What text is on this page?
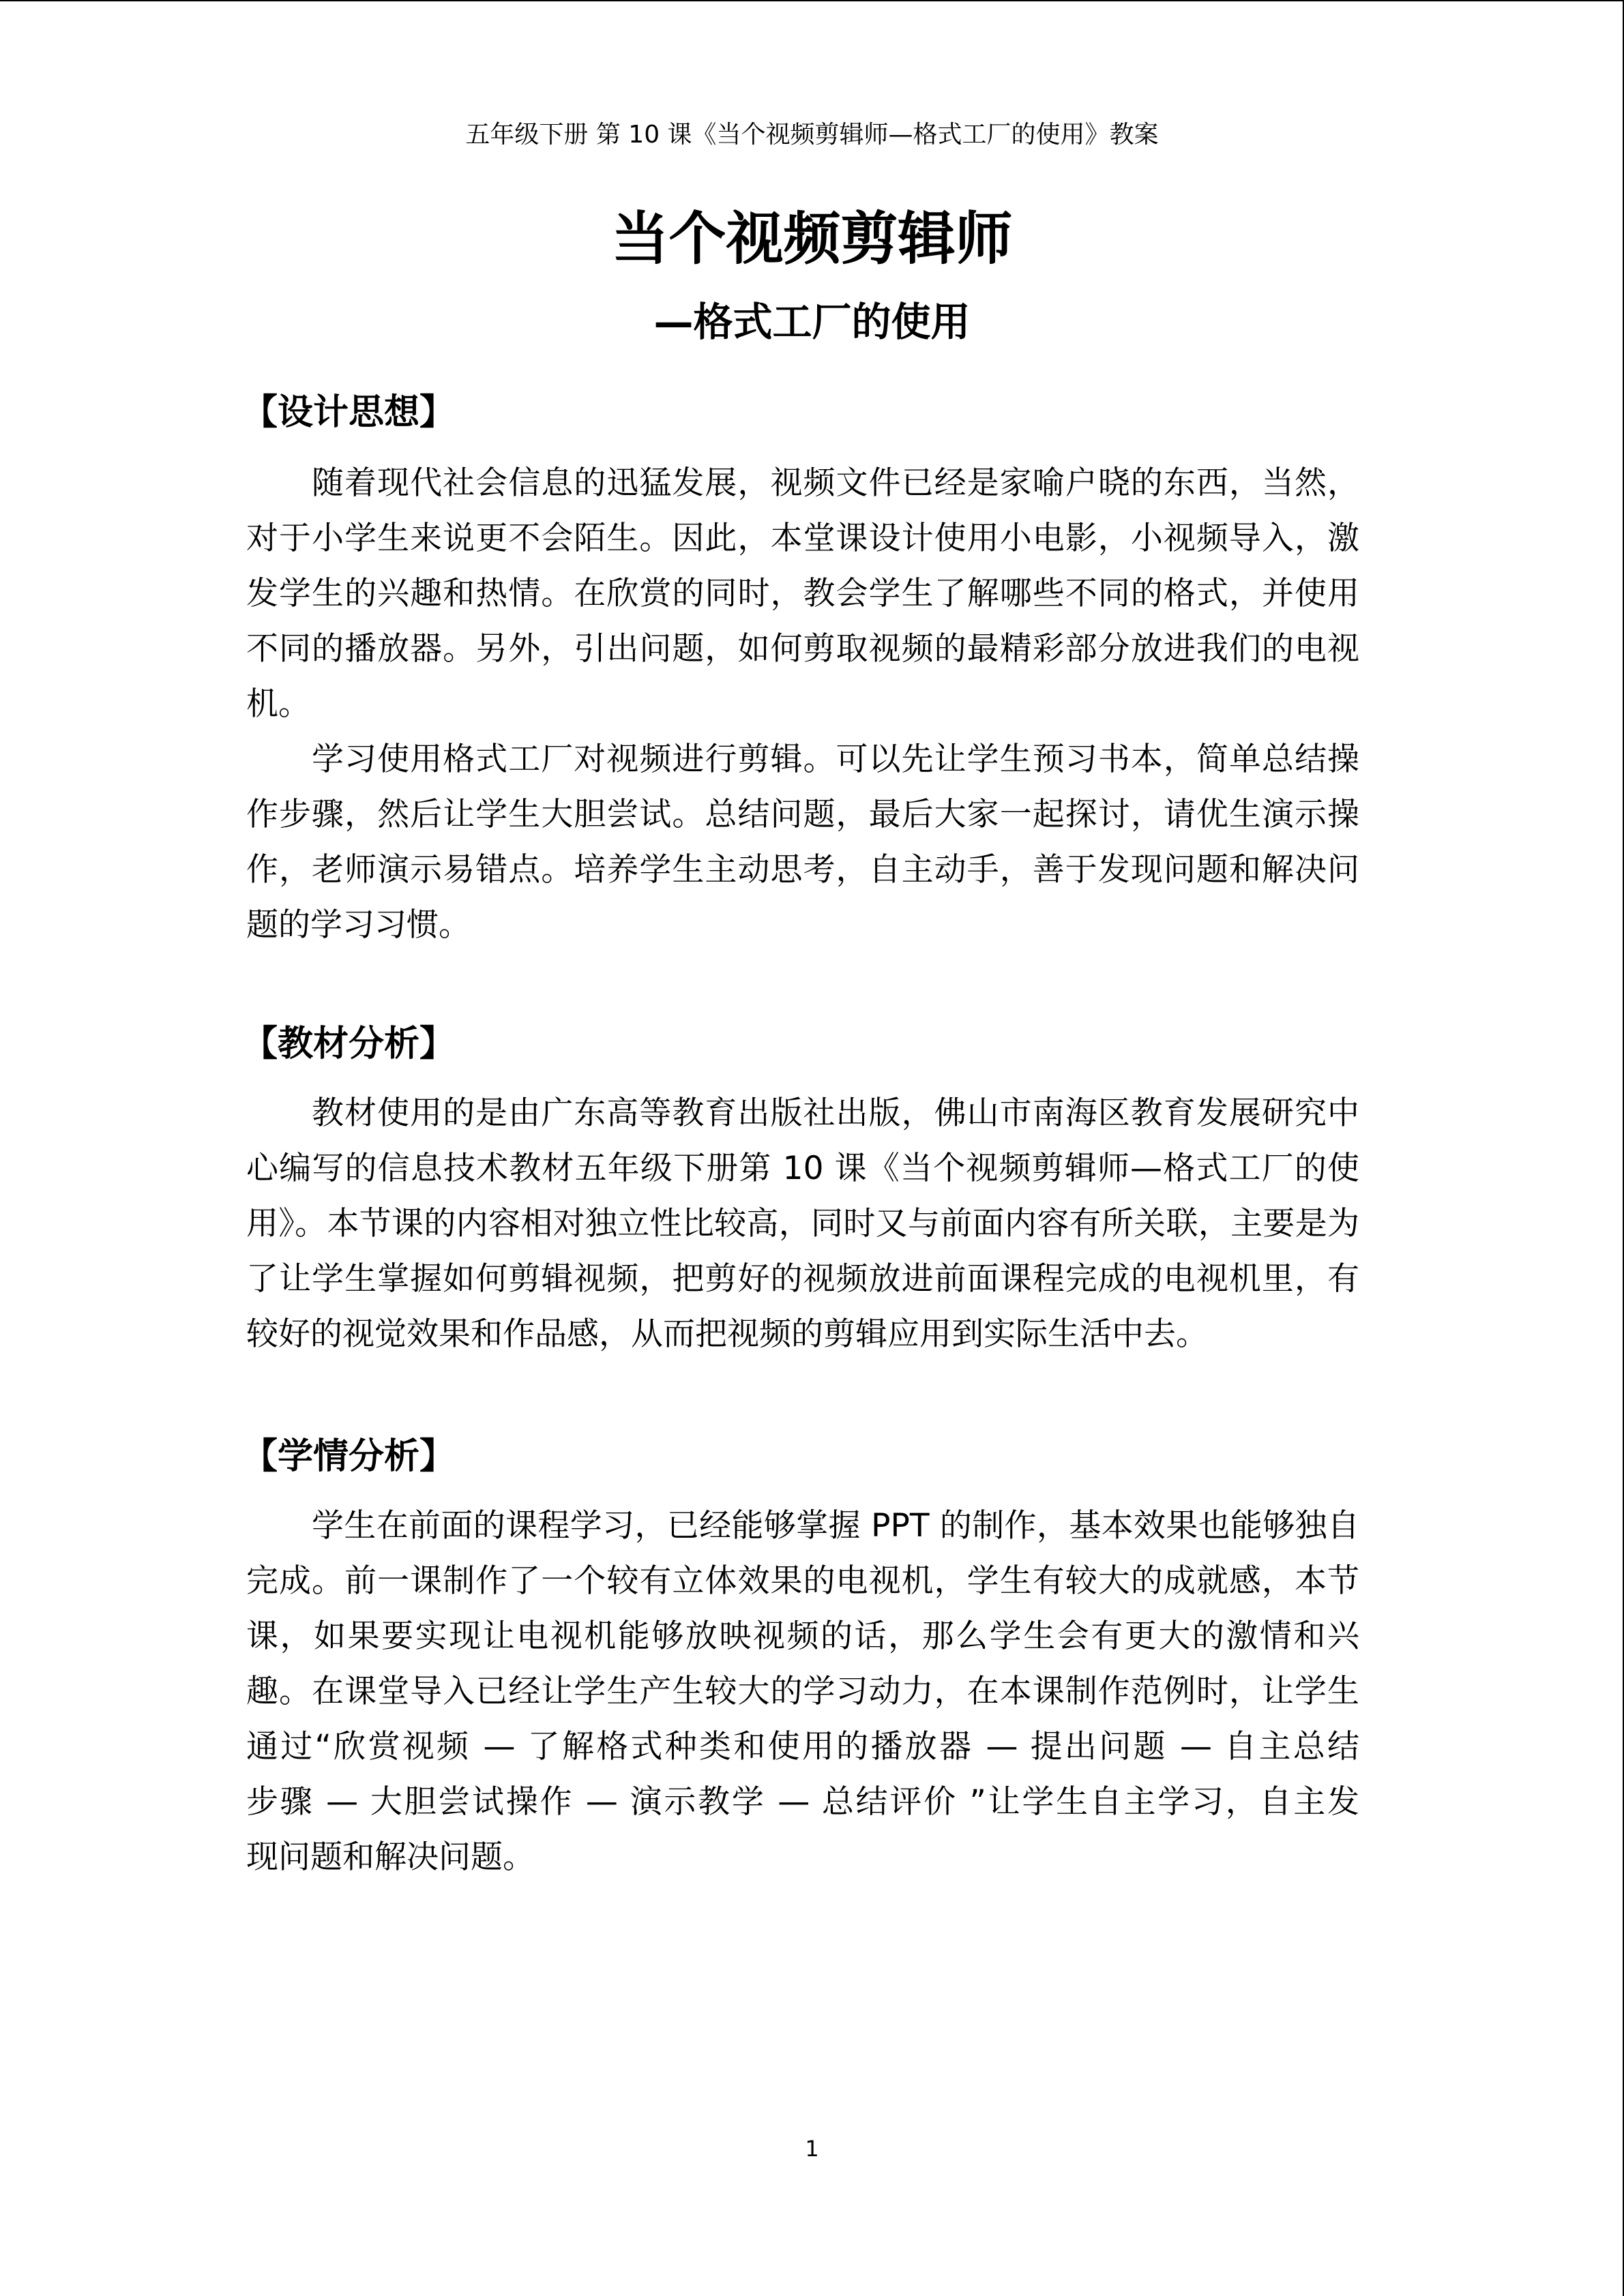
五年级下册 第 10 课《当个视频剪辑师—格式工厂的使用》教案
当个视频剪辑师
—格式工厂的使用
【设计思想】
随着现代社会信息的迅猛发展，视频文件已经是家喻户晓的东西，当然，
对于小学生来说更不会陌生。因此，本堂课设计使用小电影，小视频导入，激
发学生的兴趣和热情。在欣赏的同时，教会学生了解哪些不同的格式，并使用
不同的播放器。另外，引出问题，如何剪取视频的最精彩部分放进我们的电视
机。
学习使用格式工厂对视频进行剪辑。可以先让学生预习书本，简单总结操
作步骤，然后让学生大胆尝试。总结问题，最后大家一起探讨，请优生演示操
作，老师演示易错点。培养学生主动思考，自主动手，善于发现问题和解决问
题的学习习惯。
【教材分析】
教材使用的是由广东高等教育出版社出版，佛山市南海区教育发展研究中
心编写的信息技术教材五年级下册第 10 课《当个视频剪辑师—格式工厂的使
用》。本节课的内容相对独立性比较高，同时又与前面内容有所关联，主要是为
了让学生掌握如何剪辑视频，把剪好的视频放进前面课程完成的电视机里，有
较好的视觉效果和作品感，从而把视频的剪辑应用到实际生活中去。
【学情分析】
学生在前面的课程学习，已经能够掌握 PPT 的制作，基本效果也能够独自
完成。前一课制作了一个较有立体效果的电视机，学生有较大的成就感，本节
课，如果要实现让电视机能够放映视频的话，那么学生会有更大的激情和兴
趣。在课堂导入已经让学生产生较大的学习动力，在本课制作范例时，让学生
通过“欣赏视频 — 了解格式种类和使用的播放器 — 提出问题 — 自主总结
步骤 — 大胆尝试操作 — 演示教学 — 总结评价 ”让学生自主学习，自主发
现问题和解决问题。
1
